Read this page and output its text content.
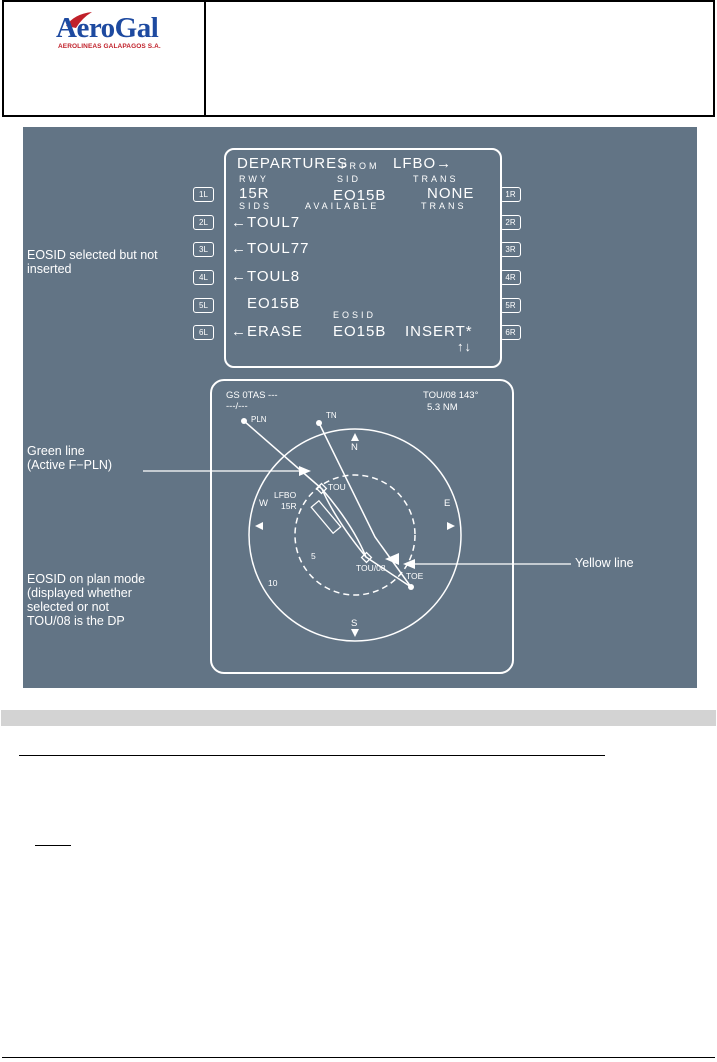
AeroGal
AEROLINEAS GALAPAGOS S.A.
1L
2L
3L
4L
5L
6L
1R
2R
3R
4R
5R
6R
DEPARTURES
FROM LFBO→
RWY	SID	TRANS
15R	EO15B	NONE
SIDS	AVAILABLE	TRANS
←TOUL7
←TOUL77
←TOUL8
EO15B
EOSID
←ERASE EO15B INSERT*
↑↓
EOSID selected but not inserted
Green line
(Active F−PLN)
EOSID on plan mode
(displayed whether
selected or not
TOU/08 is the DP
Yellow line
GS 0TAS ---
---/---
TOU/08 143°
5.3 NM
PLN	TN
N
E
S
W
TOU
LFBO
15R
5
10
TOU/08
TOE
